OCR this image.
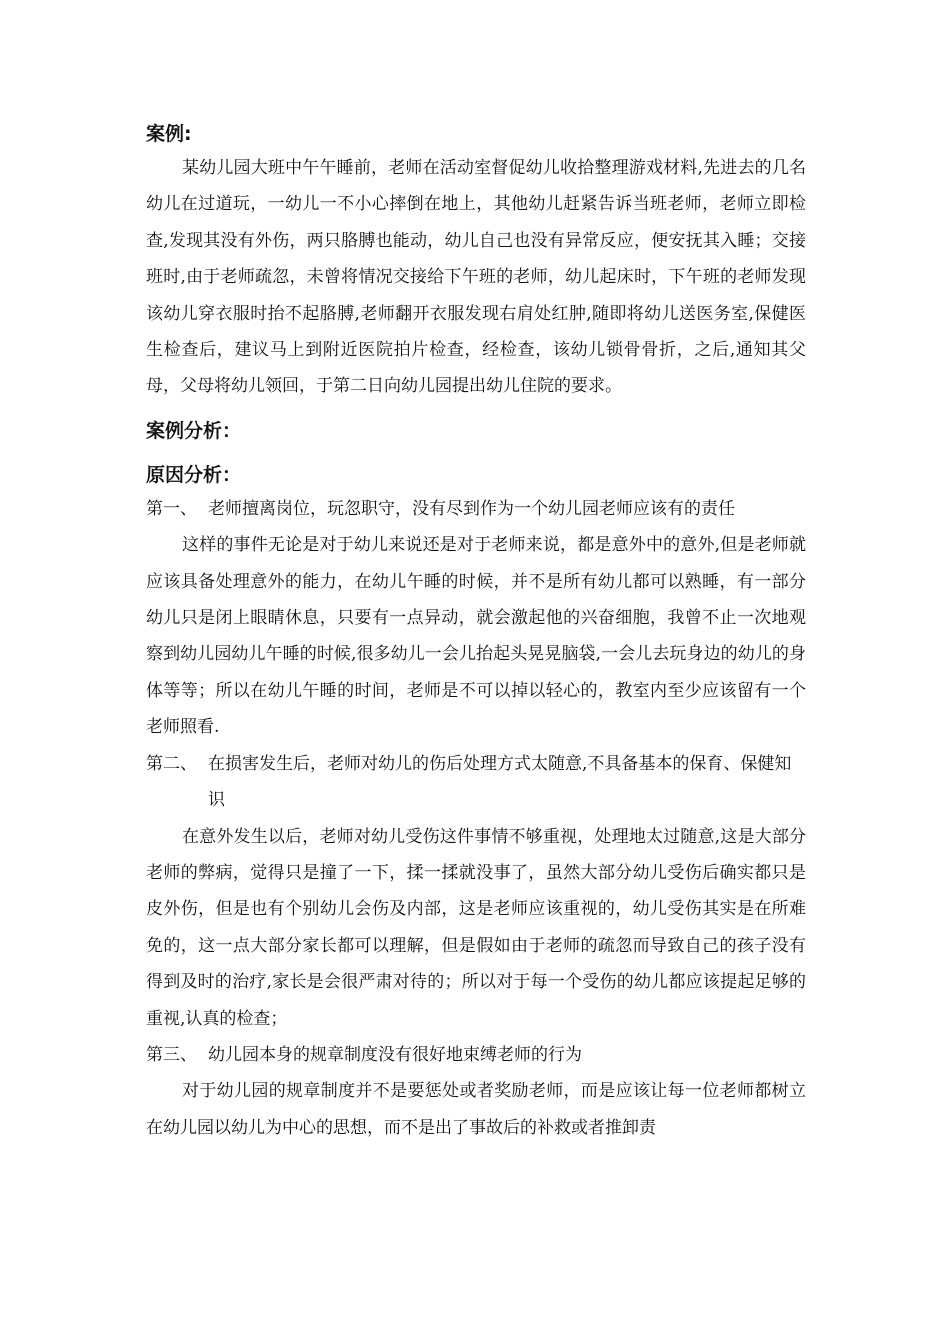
案例:

某幼儿园大班中午午睡前，老师在活动室督促幼儿收拾整理游戏材料,先进去的几名幼儿在过道玩，一幼儿一不小心摔倒在地上，其他幼儿赶紧告诉当班老师，老师立即检查,发现其没有外伤，两只胳膊也能动，幼儿自己也没有异常反应，便安抚其入睡；交接班时,由于老师疏忽，未曾将情况交接给下午班的老师，幼儿起床时，下午班的老师发现该幼儿穿衣服时抬不起胳膊,老师翻开衣服发现右肩处红肿,随即将幼儿送医务室,保健医生检查后，建议马上到附近医院拍片检查，经检查，该幼儿锁骨骨折，之后,通知其父母，父母将幼儿领回，于第二日向幼儿园提出幼儿住院的要求。

案例分析：
原因分析：
第一、 老师擅离岗位，玩忽职守，没有尽到作为一个幼儿园老师应该有的责任

这样的事件无论是对于幼儿来说还是对于老师来说，都是意外中的意外,但是老师就应该具备处理意外的能力，在幼儿午睡的时候，并不是所有幼儿都可以熟睡，有一部分幼儿只是闭上眼睛休息，只要有一点异动，就会激起他的兴奋细胞，我曾不止一次地观察到幼儿园幼儿午睡的时候,很多幼儿一会儿抬起头晃晃脑袋,一会儿去玩身边的幼儿的身体等等；所以在幼儿午睡的时间，老师是不可以掉以轻心的，教室内至少应该留有一个老师照看.

第二、 在损害发生后，老师对幼儿的伤后处理方式太随意,不具备基本的保育、保健知识

在意外发生以后，老师对幼儿受伤这件事情不够重视，处理地太过随意,这是大部分老师的弊病，觉得只是撞了一下，揉一揉就没事了，虽然大部分幼儿受伤后确实都只是皮外伤，但是也有个别幼儿会伤及内部，这是老师应该重视的，幼儿受伤其实是在所难免的，这一点大部分家长都可以理解，但是假如由于老师的疏忽而导致自己的孩子没有得到及时的治疗,家长是会很严肃对待的；所以对于每一个受伤的幼儿都应该提起足够的重视,认真的检查；

第三、 幼儿园本身的规章制度没有很好地束缚老师的行为

对于幼儿园的规章制度并不是要惩处或者奖励老师，而是应该让每一位老师都树立在幼儿园以幼儿为中心的思想，而不是出了事故后的补救或者推卸责
